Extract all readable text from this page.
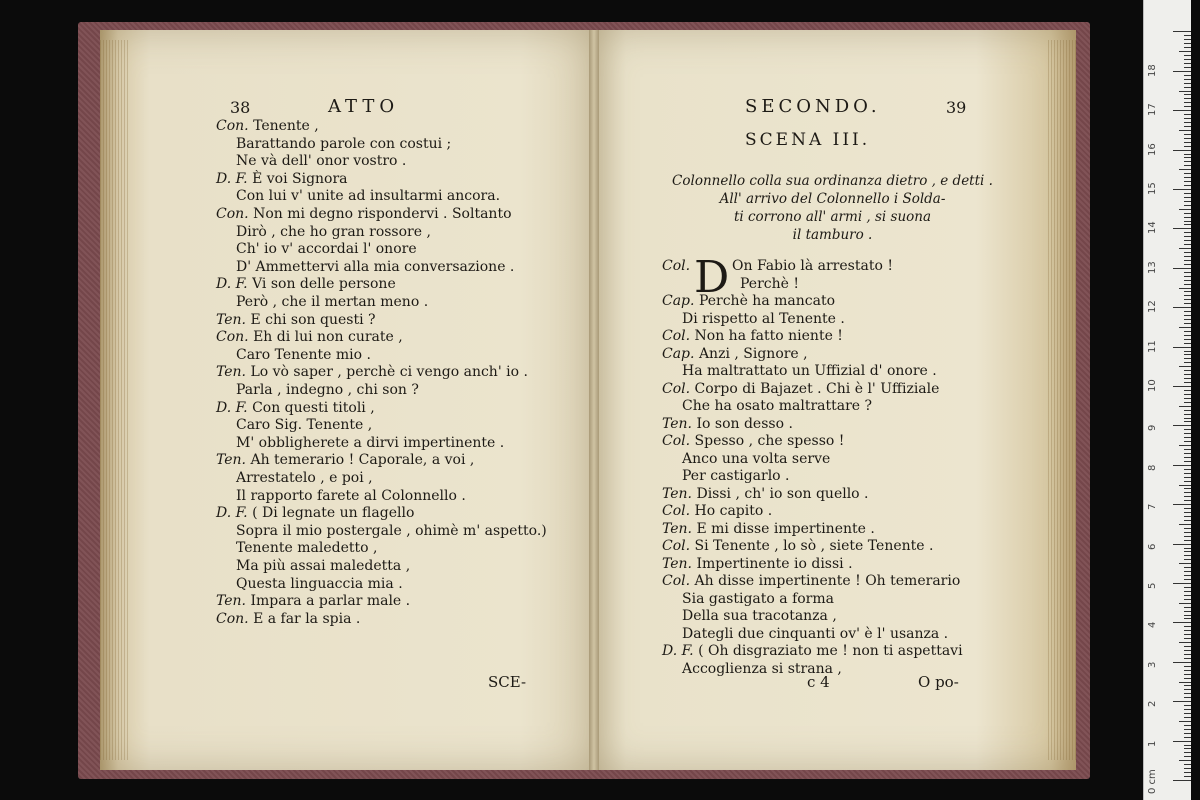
38	ATTO
Con. Tenente ,
Barattando parole con costui ;
Ne và dell' onor vostro .
D. F. È voi Signora
Con lui v' unite ad insultarmi ancora.
Con. Non mi degno rispondervi . Soltanto
Dirò , che ho gran rossore ,
Ch' io v' accordai l' onore
D' Ammettervi alla mia conversazione .
D. F. Vi son delle persone
Però , che il mertan meno .
Ten. E chi son questi ?
Con. Eh di lui non curate ,
Caro Tenente mio .
Ten. Lo vò saper , perchè ci vengo anch' io .
Parla , indegno , chi son ?
D. F. Con questi titoli ,
Caro Sig. Tenente ,
M' obbligherete a dirvi impertinente .
Ten. Ah temerario ! Caporale, a voi ,
Arrestatelo , e poi ,
Il rapporto farete al Colonnello .
D. F. ( Di legnate un flagello
Sopra il mio postergale , ohimè m' aspetto.)
Tenente maledetto ,
Ma più assai maledetta ,
Questa linguaccia mia .
Ten. Impara a parlar male .
Con. E a far la spia .
SCE-
SECONDO.	39
SCENA III.
Colonnello colla sua ordinanza dietro , e detti .
All' arrivo del Colonnello i Solda-
ti corrono all' armi , si suona
il tamburo .
D
Col.	On Fabio là arrestato !
Perchè !
Cap. Perchè ha mancato
Di rispetto al Tenente .
Col. Non ha fatto niente !
Cap. Anzi , Signore ,
Ha maltrattato un Uffizial d' onore .
Col. Corpo di Bajazet . Chi è l' Uffiziale
Che ha osato maltrattare ?
Ten. Io son desso .
Col. Spesso , che spesso !
Anco una volta serve
Per castigarlo .
Ten. Dissi , ch' io son quello .
Col. Ho capito .
Ten. E mi disse impertinente .
Col. Si Tenente , lo sò , siete Tenente .
Ten. Impertinente io dissi .
Col. Ah disse impertinente ! Oh temerario
Sia gastigato a forma
Della sua tracotanza ,
Dategli due cinquanti ov' è l' usanza .
D. F. ( Oh disgraziato me ! non ti aspettavi
Accoglienza si strana ,
c 4	O po-
0 cm
1
2
3
4
5
6
7
8
9
10
11
12
13
14
15
16
17
18
